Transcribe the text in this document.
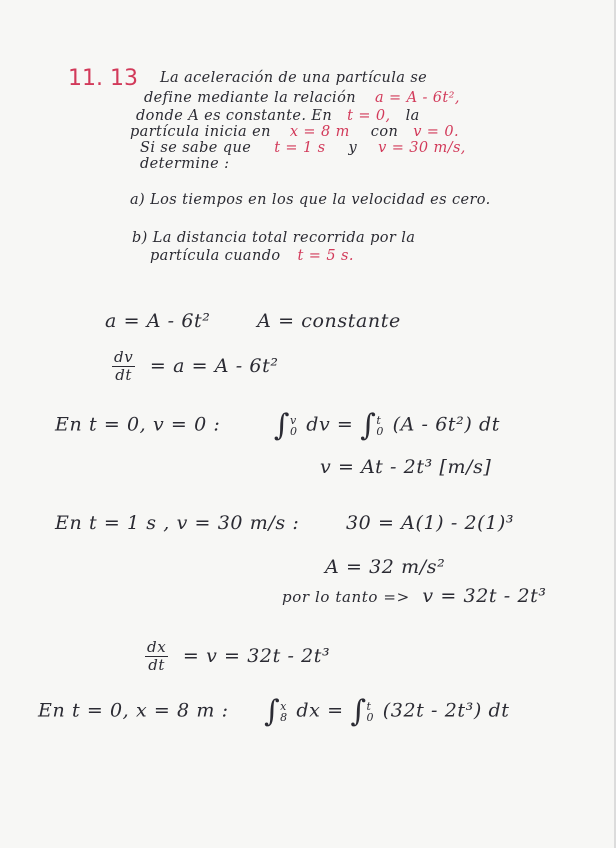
11. 13 La aceleración de una partícula se
define mediante la relación a = A - 6t²,
donde A es constante. En t = 0, la
partícula inicia en x = 8 m con v = 0.
Si se sabe que t = 1 s y v = 30 m/s,
determine :
a) Los tiempos en los que la velocidad es cero.
b) La distancia total recorrida por la
partícula cuando t = 5 s.
a = A - 6t² A = constante
$\frac{dv}{dt} = a = A - 6t^2$
En t = 0, v = 0 : ∫ v
0 dv = ∫ t
0 (A - 6t²) dt
v = At - 2t³ [m/s]
En t = 1 s , v = 30 m/s : 30 = A(1) - 2(1)³
A = 32 m/s²
por lo tanto => v = 32t - 2t³
$\frac{dx}{dt} = v = 32t - 2t^3$
En t = 0, x = 8 m : ∫ x
8 dx = ∫ t
0 (32t - 2t³) dt
